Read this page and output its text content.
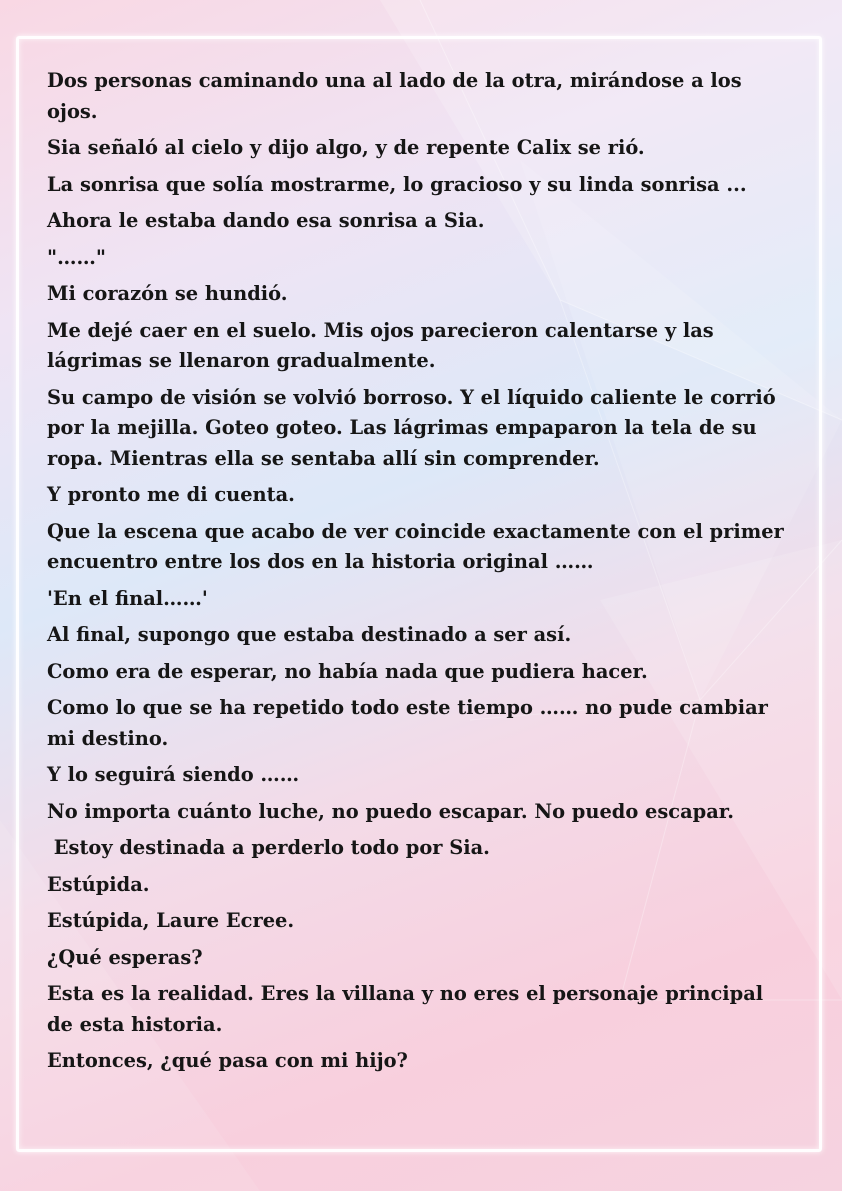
Dos personas caminando una al lado de la otra, mirándose a los ojos.

Sia señaló al cielo y dijo algo, y de repente Calix se rió.

La sonrisa que solía mostrarme, lo gracioso y su linda sonrisa ...

Ahora le estaba dando esa sonrisa a Sia.

"……"

Mi corazón se hundió.

Me dejé caer en el suelo. Mis ojos parecieron calentarse y las lágrimas se llenaron gradualmente.

Su campo de visión se volvió borroso. Y el líquido caliente le corrió por la mejilla. Goteo goteo. Las lágrimas empaparon la tela de su ropa. Mientras ella se sentaba allí sin comprender.

Y pronto me di cuenta.

Que la escena que acabo de ver coincide exactamente con el primer encuentro entre los dos en la historia original ……

'En el final……'

Al final, supongo que estaba destinado a ser así.

Como era de esperar, no había nada que pudiera hacer.

Como lo que se ha repetido todo este tiempo …… no pude cambiar mi destino.

Y lo seguirá siendo ……

No importa cuánto luche, no puedo escapar. No puedo escapar.

Estoy destinada a perderlo todo por Sia.

Estúpida.

Estúpida, Laure Ecree.

¿Qué esperas?

Esta es la realidad. Eres la villana y no eres el personaje principal de esta historia.

Entonces, ¿qué pasa con mi hijo?
